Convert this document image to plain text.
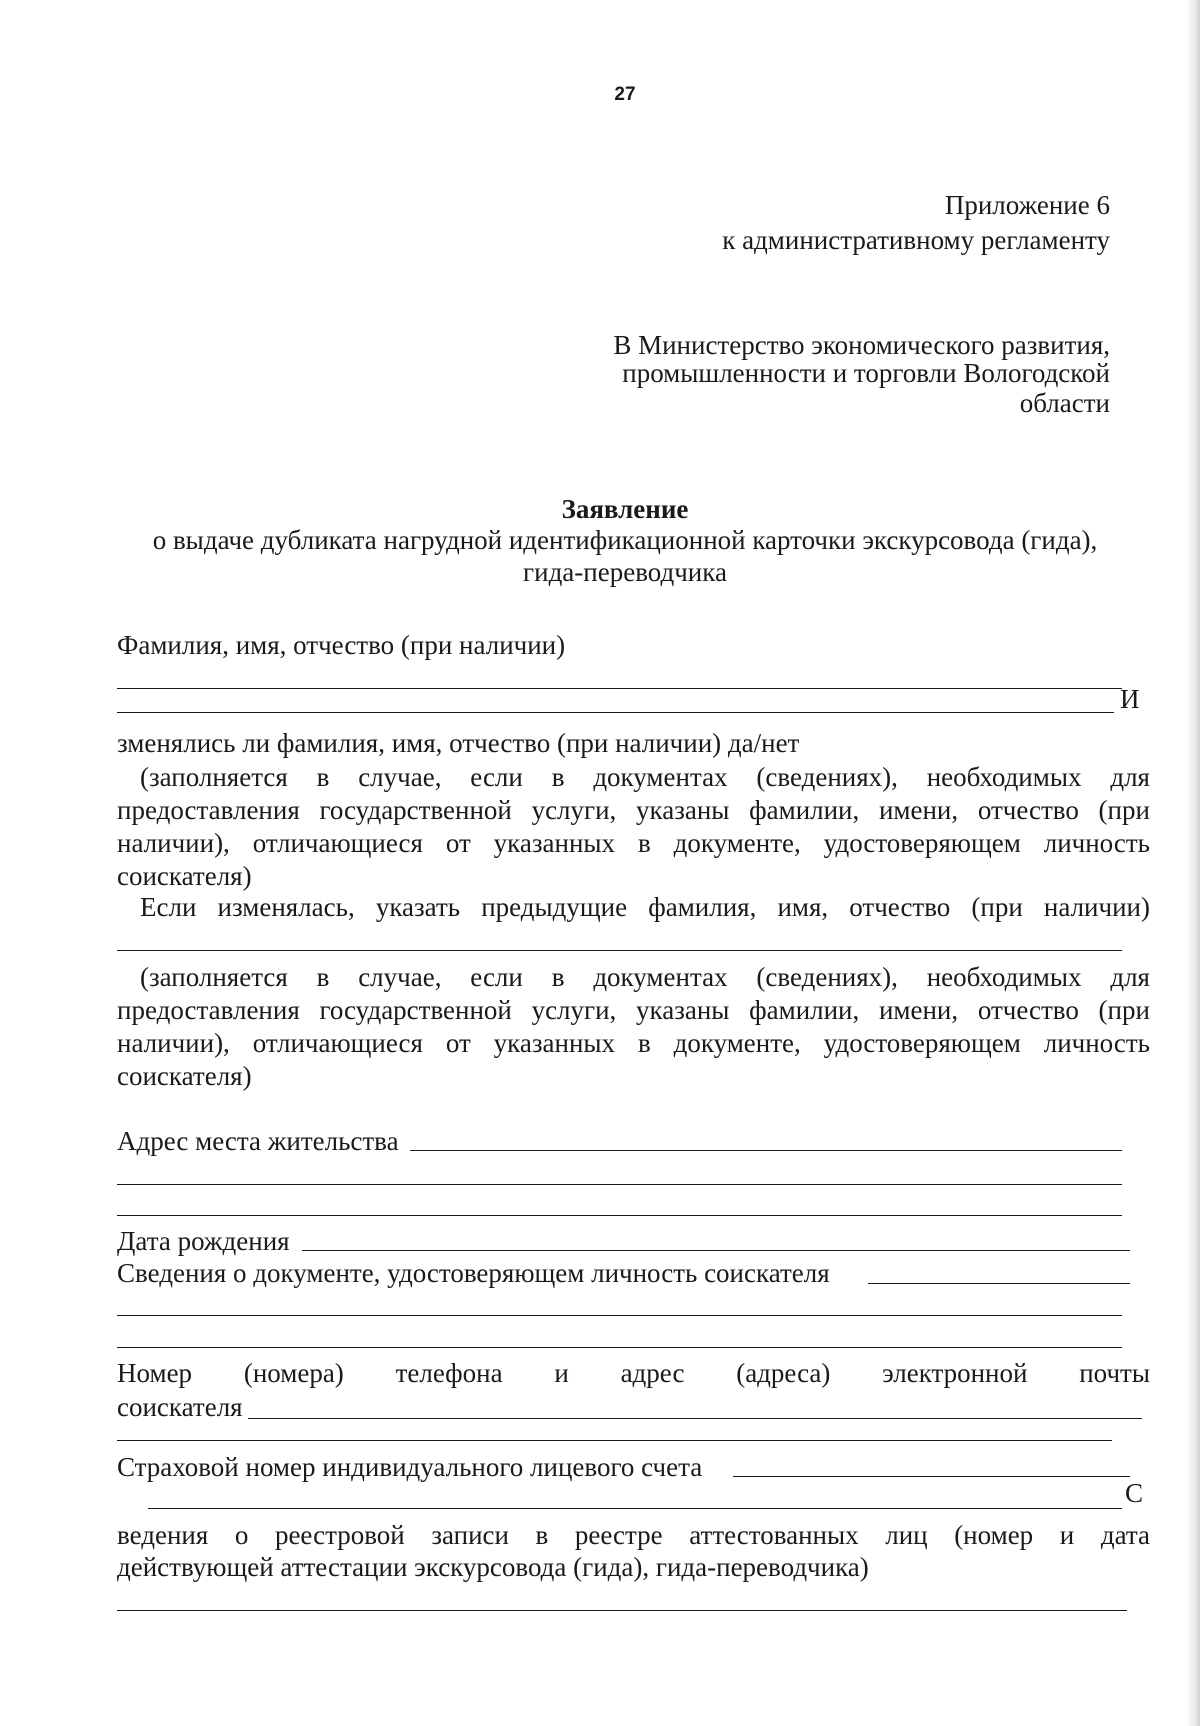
27
Приложение 6
к административному регламенту
В Министерство экономического развития,
промышленности и торговли Вологодской
области
Заявление
о выдаче дубликата нагрудной идентификационной карточки экскурсовода (гида),
гида-переводчика
Фамилия, имя, отчество (при наличии)
И
зменялись ли фамилия, имя, отчество (при наличии) да/нет
(заполняется в случае, если в документах (сведениях), необходимых для
предоставления государственной услуги, указаны фамилии, имени, отчество (при
наличии), отличающиеся от указанных в документе, удостоверяющем личность
соискателя)
Если изменялась, указать предыдущие фамилия, имя, отчество (при наличии)
(заполняется в случае, если в документах (сведениях), необходимых для
предоставления государственной услуги, указаны фамилии, имени, отчество (при
наличии), отличающиеся от указанных в документе, удостоверяющем личность
соискателя)
Адрес места жительства
Дата рождения
Сведения о документе, удостоверяющем личность соискателя
Номер (номера) телефона и адрес (адреса) электронной почты
соискателя
Страховой номер индивидуального лицевого счета
С
ведения о реестровой записи в реестре аттестованных лиц (номер и дата
действующей аттестации экскурсовода (гида), гида-переводчика)
